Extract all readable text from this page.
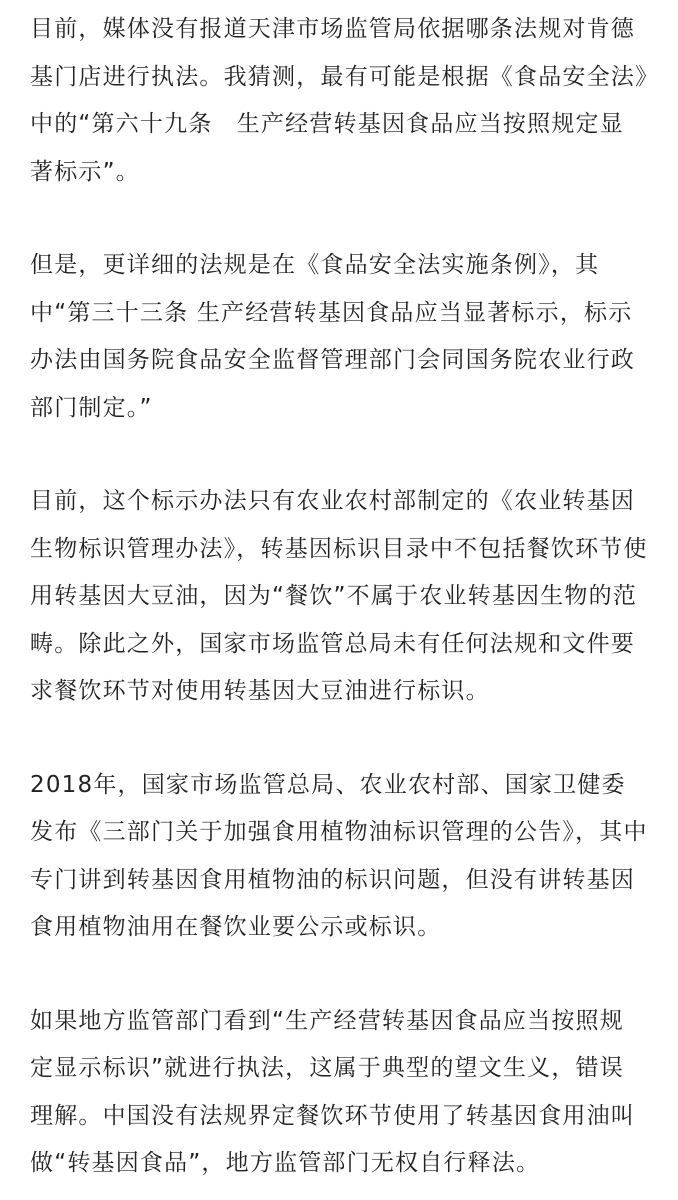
目前，媒体没有报道天津市场监管局依据哪条法规对肯德基门店进行执法。我猜测，最有可能是根据《食品安全法》中的“第六十九条　生产经营转基因食品应当按照规定显著标示”。

但是，更详细的法规是在《食品安全法实施条例》，其中“第三十三条 生产经营转基因食品应当显著标示，标示办法由国务院食品安全监督管理部门会同国务院农业行政部门制定。”

目前，这个标示办法只有农业农村部制定的《农业转基因生物标识管理办法》，转基因标识目录中不包括餐饮环节使用转基因大豆油，因为“餐饮”不属于农业转基因生物的范畴。除此之外，国家市场监管总局未有任何法规和文件要求餐饮环节对使用转基因大豆油进行标识。

2018年，国家市场监管总局、农业农村部、国家卫健委发布《三部门关于加强食用植物油标识管理的公告》，其中专门讲到转基因食用植物油的标识问题，但没有讲转基因食用植物油用在餐饮业要公示或标识。

如果地方监管部门看到“生产经营转基因食品应当按照规定显示标识”就进行执法，这属于典型的望文生义，错误理解。中国没有法规界定餐饮环节使用了转基因食用油叫做“转基因食品”，地方监管部门无权自行释法。
